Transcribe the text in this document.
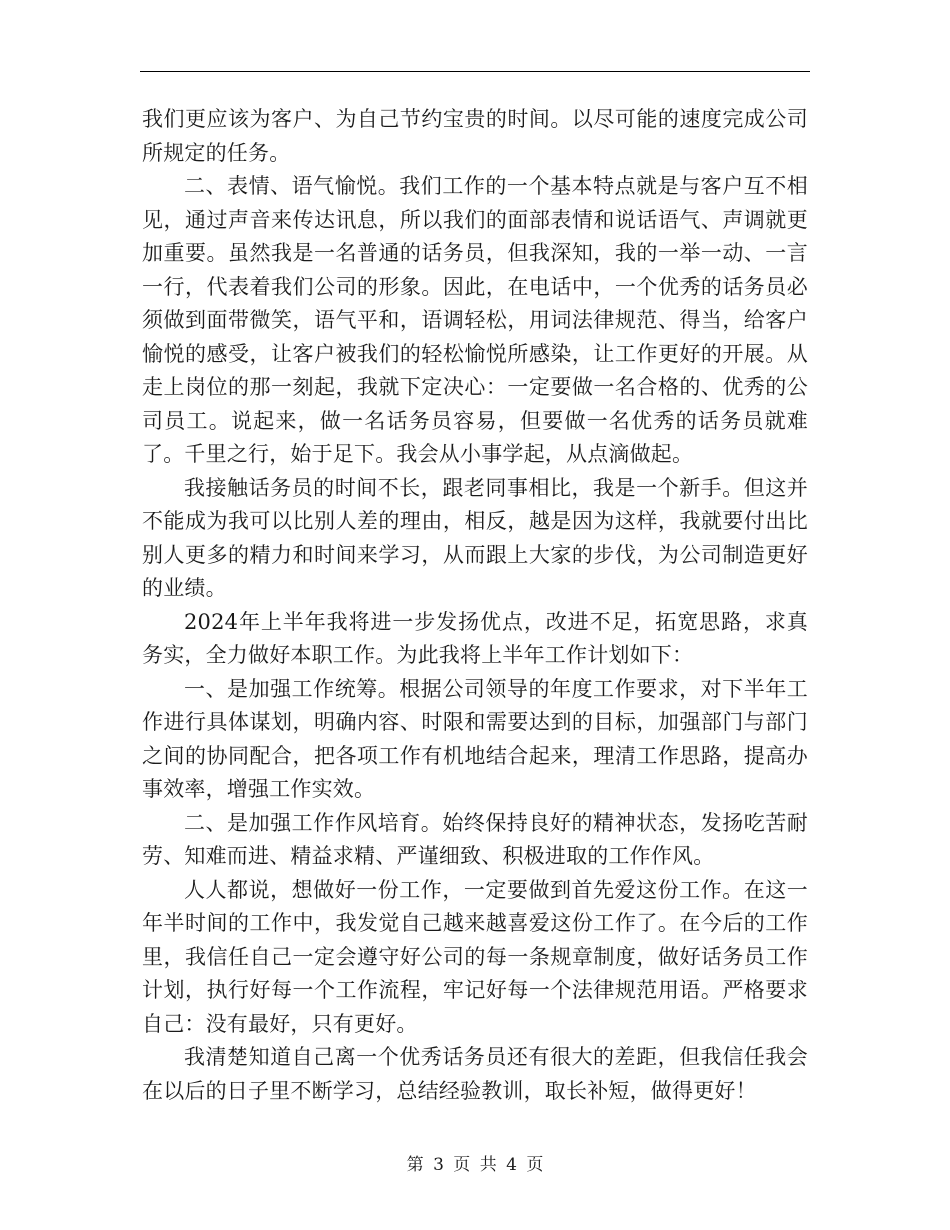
我们更应该为客户、为自己节约宝贵的时间。以尽可能的速度完成公司所规定的任务。

二、表情、语气愉悦。我们工作的一个基本特点就是与客户互不相见，通过声音来传达讯息，所以我们的面部表情和说话语气、声调就更加重要。虽然我是一名普通的话务员，但我深知，我的一举一动、一言一行，代表着我们公司的形象。因此，在电话中，一个优秀的话务员必须做到面带微笑，语气平和，语调轻松，用词法律规范、得当，给客户愉悦的感受，让客户被我们的轻松愉悦所感染，让工作更好的开展。从走上岗位的那一刻起，我就下定决心：一定要做一名合格的、优秀的公司员工。说起来，做一名话务员容易，但要做一名优秀的话务员就难了。千里之行，始于足下。我会从小事学起，从点滴做起。

我接触话务员的时间不长，跟老同事相比，我是一个新手。但这并不能成为我可以比别人差的理由，相反，越是因为这样，我就要付出比别人更多的精力和时间来学习，从而跟上大家的步伐，为公司制造更好的业绩。

2024年上半年我将进一步发扬优点，改进不足，拓宽思路，求真务实，全力做好本职工作。为此我将上半年工作计划如下：

一、是加强工作统筹。根据公司领导的年度工作要求，对下半年工作进行具体谋划，明确内容、时限和需要达到的目标，加强部门与部门之间的协同配合，把各项工作有机地结合起来，理清工作思路，提高办事效率，增强工作实效。

二、是加强工作作风培育。始终保持良好的精神状态，发扬吃苦耐劳、知难而进、精益求精、严谨细致、积极进取的工作作风。

人人都说，想做好一份工作，一定要做到首先爱这份工作。在这一年半时间的工作中，我发觉自己越来越喜爱这份工作了。在今后的工作里，我信任自己一定会遵守好公司的每一条规章制度，做好话务员工作计划，执行好每一个工作流程，牢记好每一个法律规范用语。严格要求自己：没有最好，只有更好。

我清楚知道自己离一个优秀话务员还有很大的差距，但我信任我会在以后的日子里不断学习，总结经验教训，取长补短，做得更好！

第 3 页 共 4 页
